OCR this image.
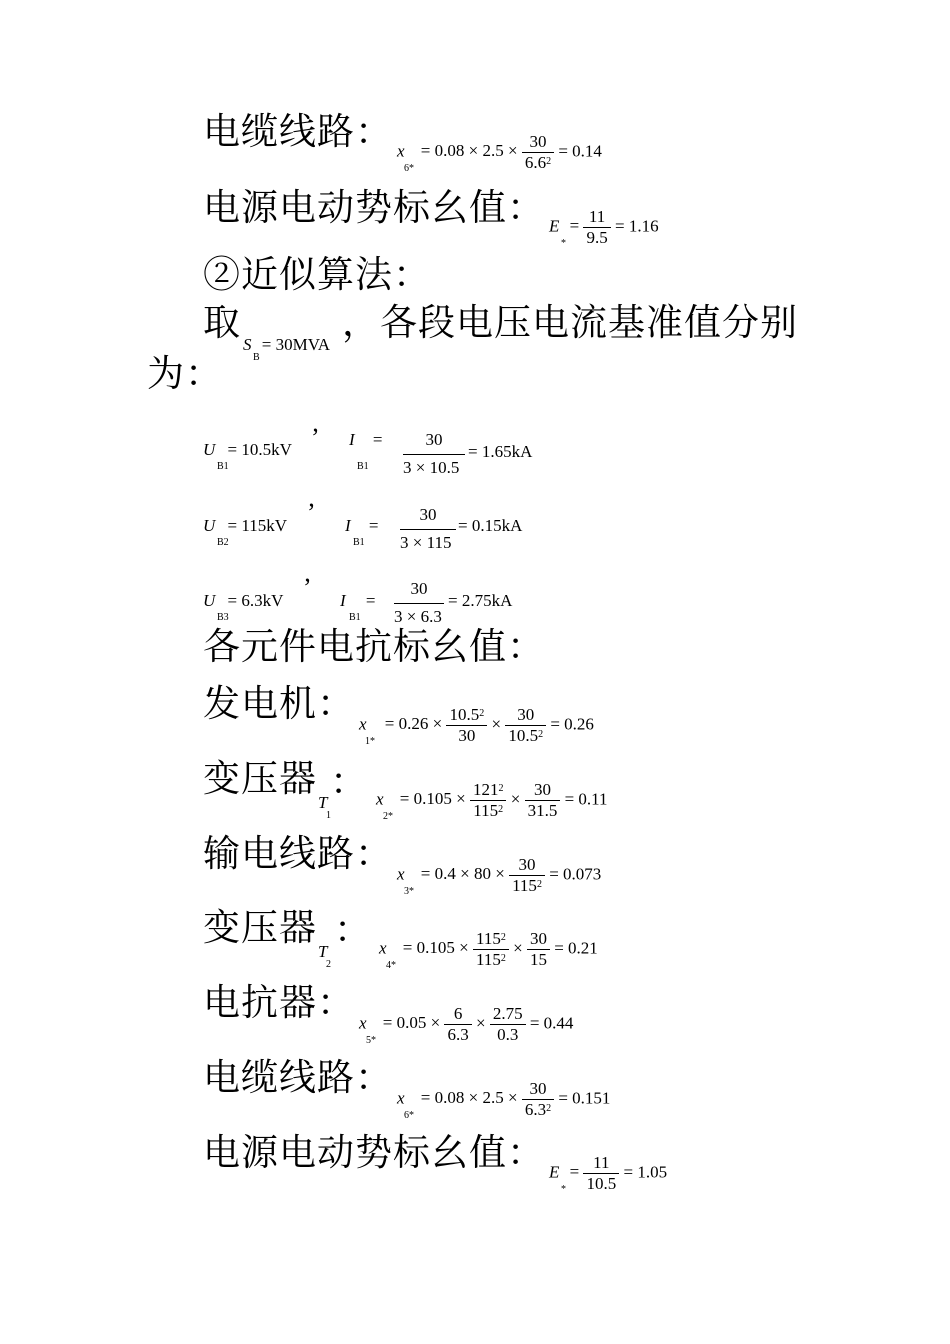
电缆线路： x
6*
= $0.08 \times 2.5 \times \frac{30}{6.6^2} = 0.14$
电源电动势标幺值： E
*
= $\frac{11}{9.5} = 1.16$
②近似算法：
取
S
B
= 30MVA
，各段电压电流基准值分别
为：
U
B1
= 10.5kV ’ I
B1
=	30
3 × 10.5
= 1.65kA
U
B2
= 115kV ’ I
B1
=
30
3 × 115
= 0.15kA
U
B3
= 6.3kV ’ I
B1
=
30
3 × 6.3
= 2.75kA
各元件电抗标幺值：
发电机： x
1*
= $0.26 \times \frac{10.5^2}{30} \times \frac{30}{10.5^2} = 0.26$
变压器
T
1
： x
2*
= $0.105 \times \frac{121^2}{115^2} \times \frac{30}{31.5} = 0.11$
输电线路： x
3*
= $0.4 \times 80 \times \frac{30}{115^2} = 0.073$
变压器
T
2
： x
4*
= $0.105 \times \frac{115^2}{115^2} \times \frac{30}{15} = 0.21$
电抗器： x
5*
= $0.05 \times \frac{6}{6.3} \times \frac{2.75}{0.3} = 0.44$
电缆线路： x
6*
= $0.08 \times 2.5 \times \frac{30}{6.3^2} = 0.151$
电源电动势标幺值： E
*
= $\frac{11}{10.5} = 1.05$
